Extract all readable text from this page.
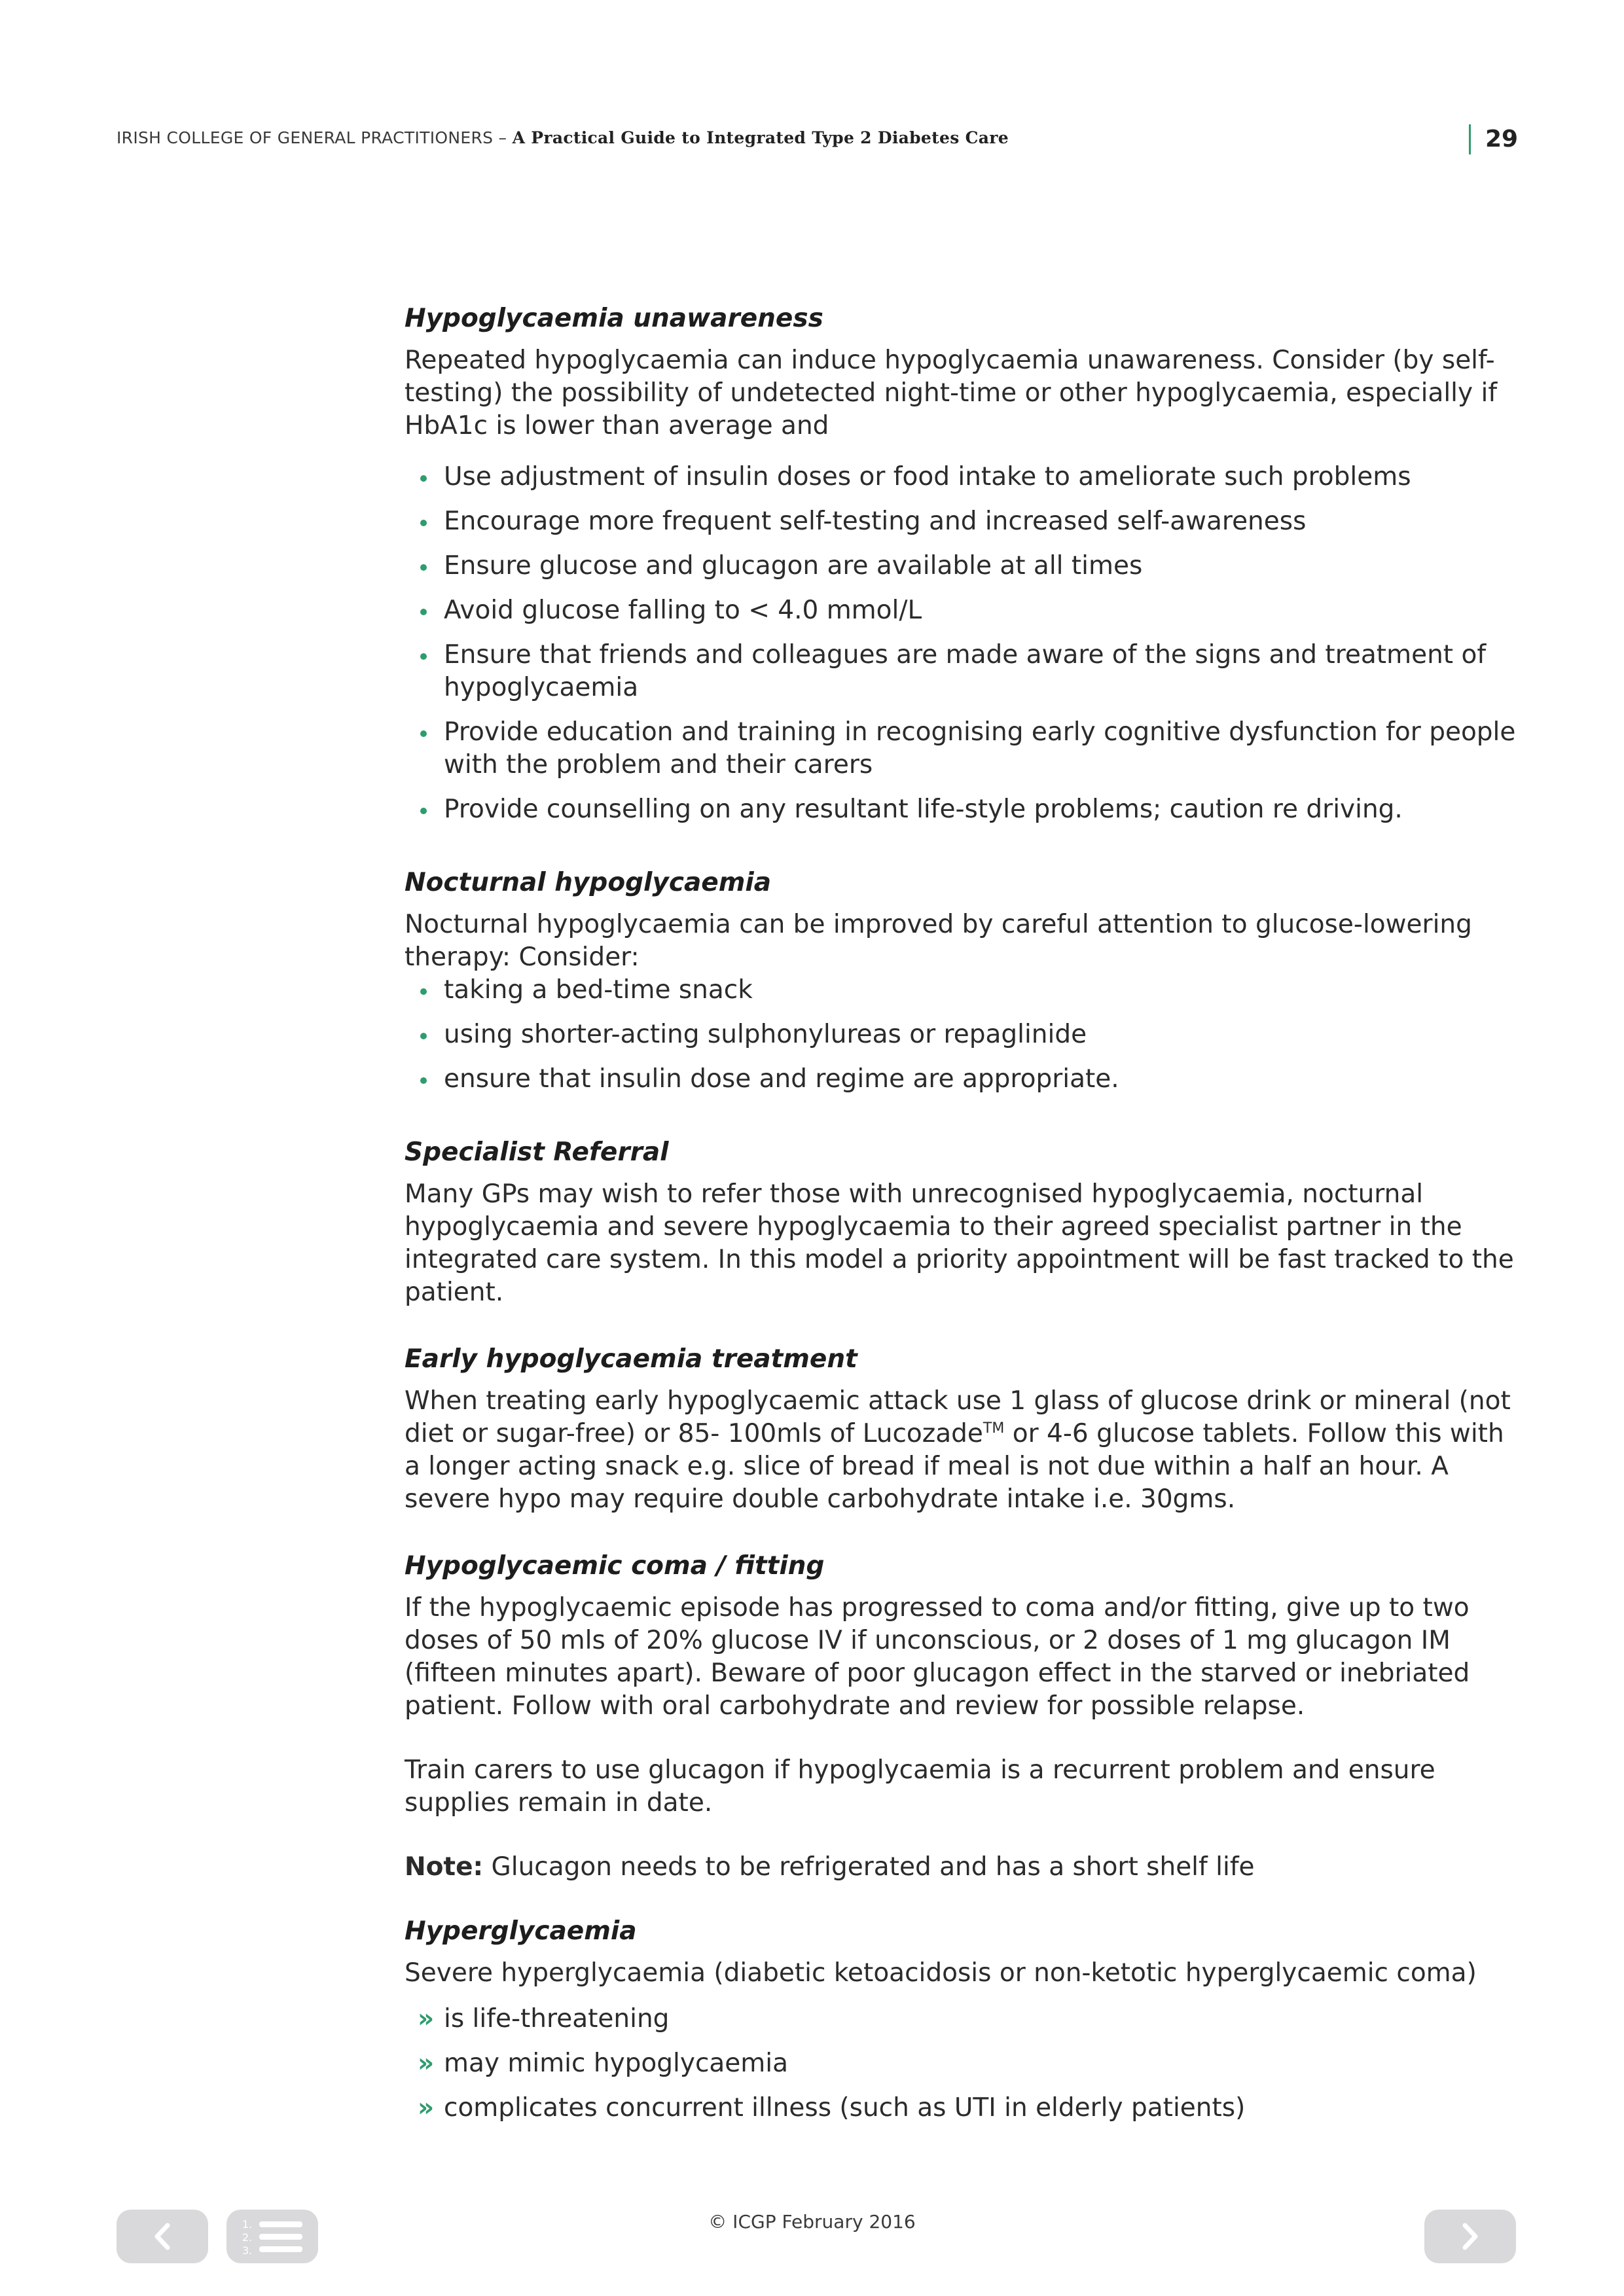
IRISH COLLEGE OF GENERAL PRACTITIONERS – A Practical Guide to Integrated Type 2 Diabetes Care	29
Hypoglycaemia unawareness

Repeated hypoglycaemia can induce hypoglycaemia unawareness. Consider (by self-testing) the possibility of undetected night-time or other hypoglycaemia, especially if HbA1c is lower than average and

Use adjustment of insulin doses or food intake to ameliorate such problems
Encourage more frequent self-testing and increased self-awareness
Ensure glucose and glucagon are available at all times
Avoid glucose falling to < 4.0 mmol/L
Ensure that friends and colleagues are made aware of the signs and treatment of hypoglycaemia
Provide education and training in recognising early cognitive dysfunction for people with the problem and their carers
Provide counselling on any resultant life-style problems; caution re driving.
Nocturnal hypoglycaemia

Nocturnal hypoglycaemia can be improved by careful attention to glucose-lowering therapy: Consider:

taking a bed-time snack
using shorter-acting sulphonylureas or repaglinide
ensure that insulin dose and regime are appropriate.
Specialist Referral

Many GPs may wish to refer those with unrecognised hypoglycaemia, nocturnal hypoglycaemia and severe hypoglycaemia to their agreed specialist partner in the integrated care system. In this model a priority appointment will be fast tracked to the patient.

Early hypoglycaemia treatment

When treating early hypoglycaemic attack use 1 glass of glucose drink or mineral (not diet or sugar-free) or 85- 100mls of Lucozade™ or 4-6 glucose tablets. Follow this with a longer acting snack e.g. slice of bread if meal is not due within a half an hour. A severe hypo may require double carbohydrate intake i.e. 30gms.

Hypoglycaemic coma / fitting

If the hypoglycaemic episode has progressed to coma and/or fitting, give up to two doses of 50 mls of 20% glucose IV if unconscious, or 2 doses of 1 mg glucagon IM (fifteen minutes apart). Beware of poor glucagon effect in the starved or inebriated patient. Follow with oral carbohydrate and review for possible relapse.

Train carers to use glucagon if hypoglycaemia is a recurrent problem and ensure supplies remain in date.

Note: Glucagon needs to be refrigerated and has a short shelf life

Hyperglycaemia

Severe hyperglycaemia (diabetic ketoacidosis or non-ketotic hyperglycaemic coma)

» is life-threatening
» may mimic hypoglycaemia
» complicates concurrent illness (such as UTI in elderly patients)
© ICGP February 2016
1.
2.
3.
